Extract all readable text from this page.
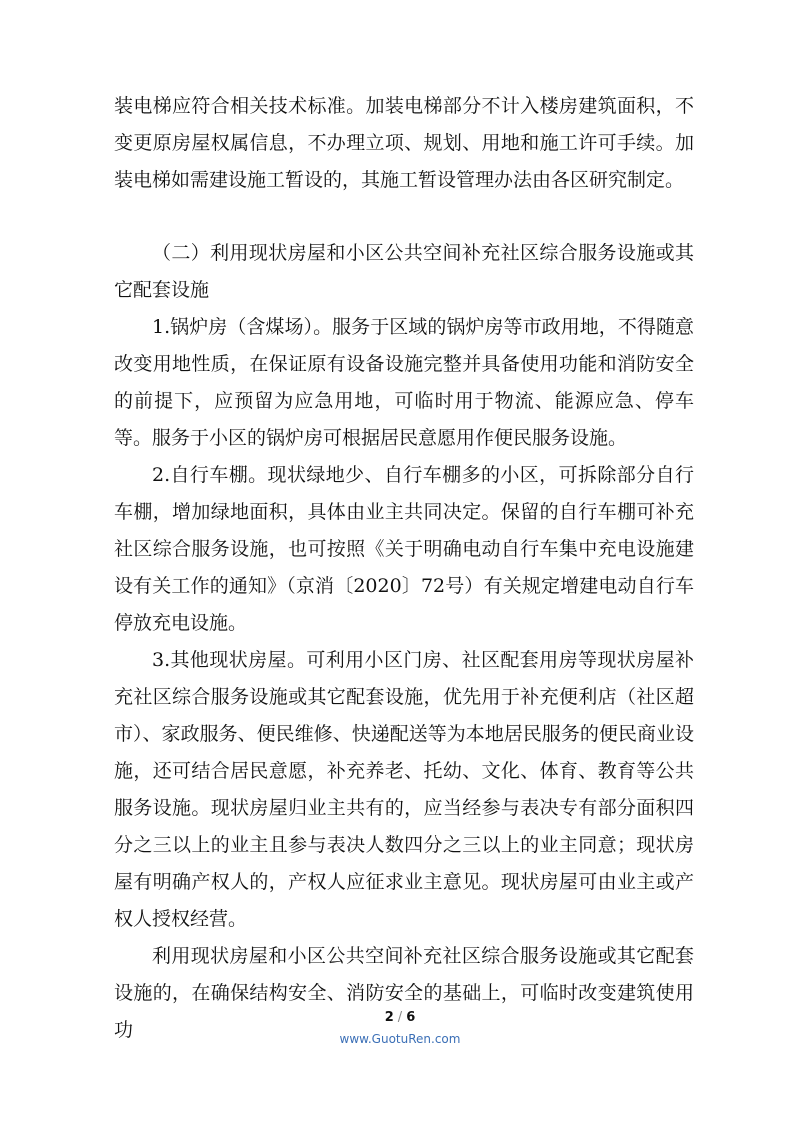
装电梯应符合相关技术标准。加装电梯部分不计入楼房建筑面积，不变更原房屋权属信息，不办理立项、规划、用地和施工许可手续。加装电梯如需建设施工暂设的，其施工暂设管理办法由各区研究制定。

（二）利用现状房屋和小区公共空间补充社区综合服务设施或其它配套设施

1.锅炉房（含煤场）。服务于区域的锅炉房等市政用地，不得随意改变用地性质，在保证原有设备设施完整并具备使用功能和消防安全的前提下，应预留为应急用地，可临时用于物流、能源应急、停车等。服务于小区的锅炉房可根据居民意愿用作便民服务设施。

2.自行车棚。现状绿地少、自行车棚多的小区，可拆除部分自行车棚，增加绿地面积，具体由业主共同决定。保留的自行车棚可补充社区综合服务设施，也可按照《关于明确电动自行车集中充电设施建设有关工作的通知》（京消〔2020〕72号）有关规定增建电动自行车停放充电设施。

3.其他现状房屋。可利用小区门房、社区配套用房等现状房屋补充社区综合服务设施或其它配套设施，优先用于补充便利店（社区超市）、家政服务、便民维修、快递配送等为本地居民服务的便民商业设施，还可结合居民意愿，补充养老、托幼、文化、体育、教育等公共服务设施。现状房屋归业主共有的，应当经参与表决专有部分面积四分之三以上的业主且参与表决人数四分之三以上的业主同意；现状房屋有明确产权人的，产权人应征求业主意见。现状房屋可由业主或产权人授权经营。

利用现状房屋和小区公共空间补充社区综合服务设施或其它配套设施的，在确保结构安全、消防安全的基础上，可临时改变建筑使用功

2 / 6
www.GuotuRen.com
